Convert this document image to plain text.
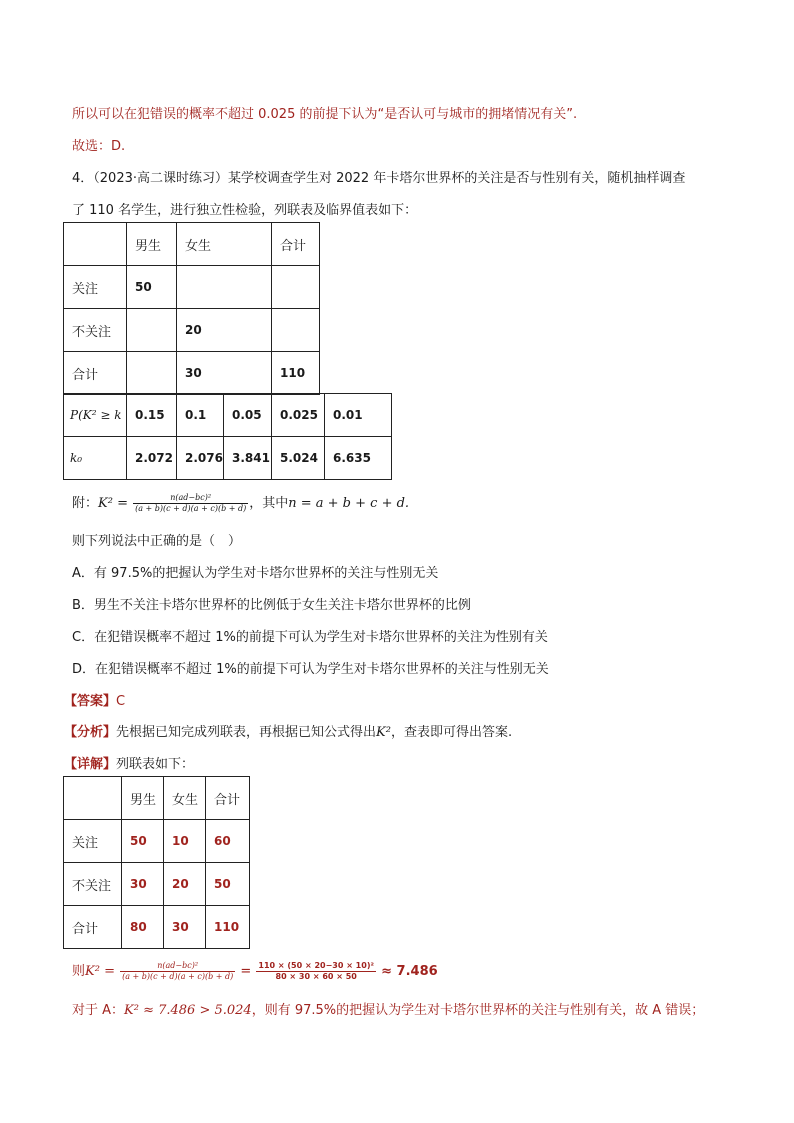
所以可以在犯错误的概率不超过 0.025 的前提下认为“是否认可与城市的拥堵情况有关”.
故选：D.
4．（2023·高二课时练习）某学校调查学生对 2022 年卡塔尔世界杯的关注是否与性别有关，随机抽样调查
了 110 名学生，进行独立性检验，列联表及临界值表如下：
	男生	女生	合计
关注	50		
不关注		20	
合计		30	110
P(K² ≥ k	0.15	0.1	0.05	0.025	0.01
k₀	2.072	2.076	3.841	5.024	6.635
附：$K^2 = \frac{\text{n(ad−bc)²}}{(a + b)(c + d)(a + c)(b + d)}$ ，其中n = a + b + c + d.
则下列说法中正确的是（　）
A．有 97.5%的把握认为学生对卡塔尔世界杯的关注与性别无关
B．男生不关注卡塔尔世界杯的比例低于女生关注卡塔尔世界杯的比例
C．在犯错误概率不超过 1%的前提下可认为学生对卡塔尔世界杯的关注为性别有关
D．在犯错误概率不超过 1%的前提下可认为学生对卡塔尔世界杯的关注与性别无关
【答案】C
【分析】先根据已知完成列联表，再根据已知公式得出K²，查表即可得出答案.
【详解】列联表如下：
	男生	女生	合计
关注	50	10	60
不关注	30	20	50
合计	80	30	110
则$K^2 = \frac{\text{n(ad−bc)²}}{(a + b)(c + d)(a + c)(b + d)} = \frac{\text{110 × (50 × 20−30 × 10)²}}{80 \times 30 \times 60 \times 50} \approx 7.486$
对于 A：K² ≈ 7.486 > 5.024，则有 97.5%的把握认为学生对卡塔尔世界杯的关注与性别有关，故 A 错误；
